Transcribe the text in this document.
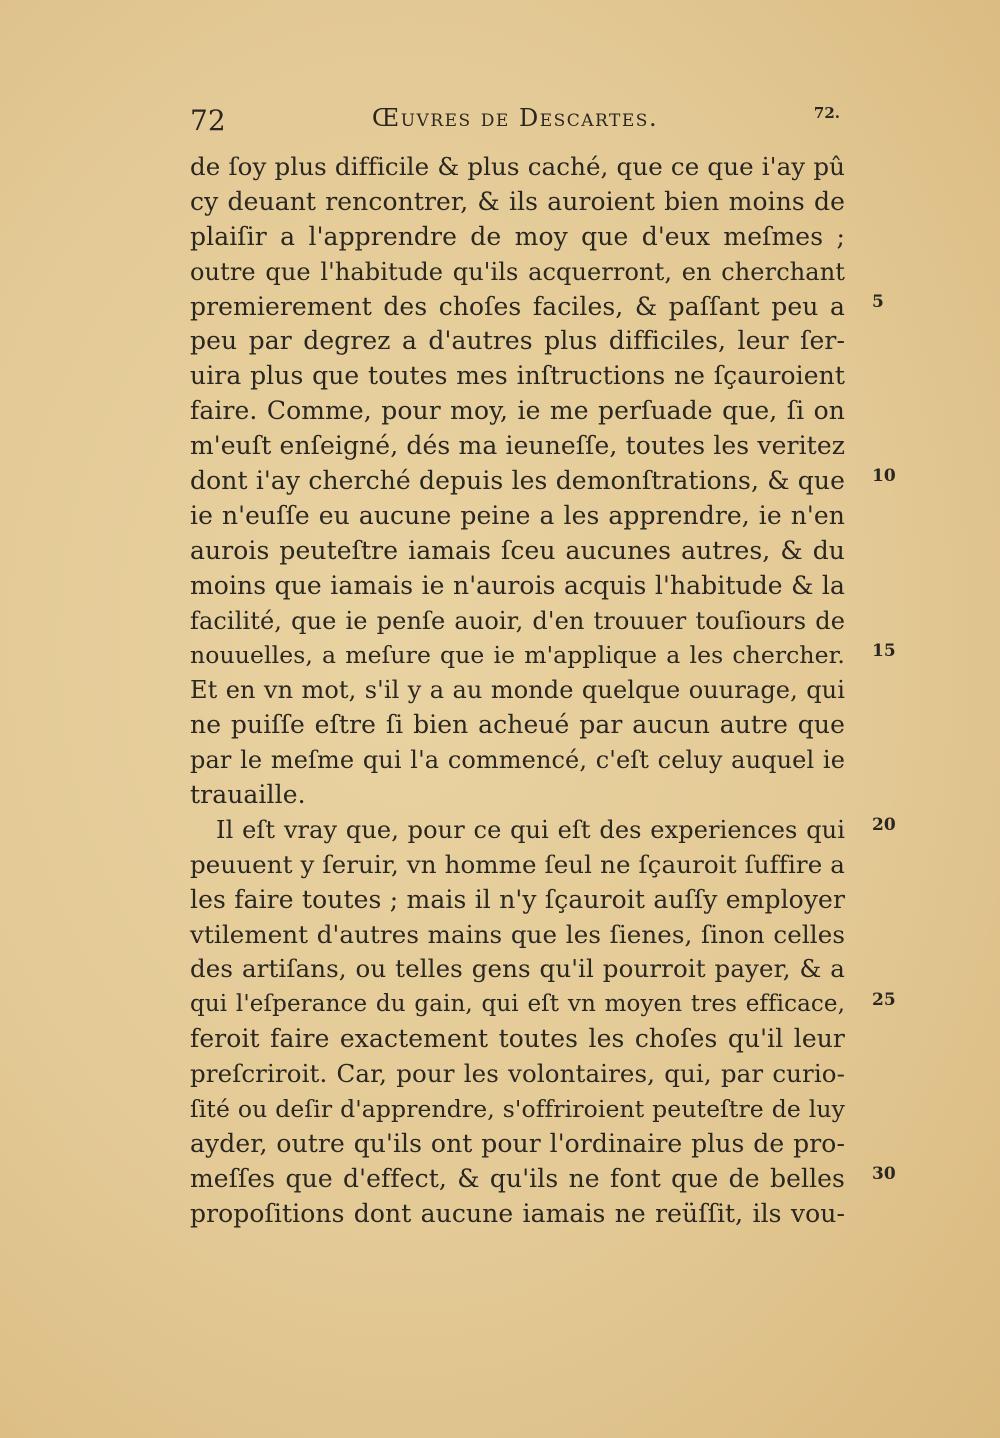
72	Œuvres de Descartes.	72.
de ſoy plus difficile & plus caché, que ce que i'ay pû
cy deuant rencontrer, & ils auroient bien moins de
plaiſir a l'apprendre de moy que d'eux meſmes ;
outre que l'habitude qu'ils acquerront, en cherchant
premierement des choſes faciles, & paſſant peu a
peu par degrez a d'autres plus difficiles, leur ſer-
uira plus que toutes mes inſtructions ne ſçauroient
faire. Comme, pour moy, ie me perſuade que, ſi on
m'euſt enſeigné, dés ma ieuneſſe, toutes les veritez
dont i'ay cherché depuis les demonſtrations, & que
ie n'euſſe eu aucune peine a les apprendre, ie n'en
aurois peuteſtre iamais ſceu aucunes autres, & du
moins que iamais ie n'aurois acquis l'habitude & la
facilité, que ie penſe auoir, d'en trouuer touſiours de
nouuelles, a meſure que ie m'applique a les chercher.
Et en vn mot, s'il y a au monde quelque ouurage, qui
ne puiſſe eſtre ſi bien acheué par aucun autre que
par le meſme qui l'a commencé, c'eſt celuy auquel ie
trauaille.
Il eſt vray que, pour ce qui eſt des experiences qui
peuuent y ſeruir, vn homme ſeul ne ſçauroit ſuffire a
les faire toutes ; mais il n'y ſçauroit auſſy employer
vtilement d'autres mains que les ſienes, ſinon celles
des artiſans, ou telles gens qu'il pourroit payer, & a
qui l'eſperance du gain, qui eſt vn moyen tres efficace,
feroit faire exactement toutes les choſes qu'il leur
preſcriroit. Car, pour les volontaires, qui, par curio-
ſité ou deſir d'apprendre, s'offriroient peuteſtre de luy
ayder, outre qu'ils ont pour l'ordinaire plus de pro-
meſſes que d'effect, & qu'ils ne font que de belles
propoſitions dont aucune iamais ne reüſſit, ils vou-
5
10
15
20
25
30
